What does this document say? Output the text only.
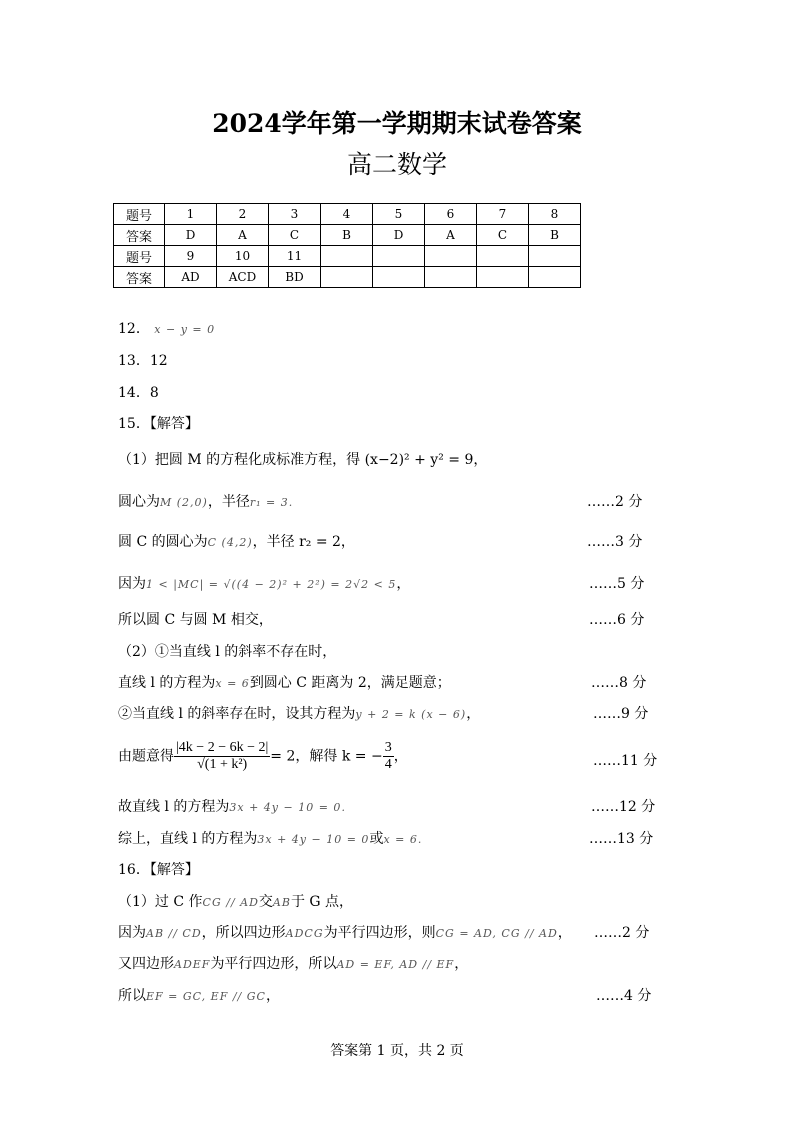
2024学年第一学期期末试卷答案
高二数学
题号	1	2	3	4	5	6	7	8
答案	D	A	C	B	D	A	C	B
题号	9	10	11					
答案	AD	ACD	BD					
12． x − y = 0
13．12
14．8
15．【解答】
（1）把圆 M 的方程化成标准方程，得 (x−2)² + y² = 9，
圆心为M (2,0)，半径r₁ = 3.	……2 分
圆 C 的圆心为C (4,2)，半径 r₂ = 2，	……3 分
因为1 < |MC| = √((4 − 2)² + 2²) = 2√2 < 5，	……5 分
所以圆 C 与圆 M 相交，	……6 分
（2）①当直线 l 的斜率不存在时，
直线 l 的方程为x = 6到圆心 C 距离为 2，满足题意；	……8 分
②当直线 l 的斜率存在时，设其方程为y + 2 = k (x − 6)，	……9 分
由题意得 $\frac{|4k - 2 - 6k - 2|}{\text{√(1 + k²)}} = 2$，解得 k = − $\frac{3}{4}$ ，	……11 分
故直线 l 的方程为3x + 4y − 10 = 0.	……12 分
综上，直线 l 的方程为3x + 4y − 10 = 0或x = 6.	……13 分
16．【解答】
（1）过 C 作CG // AD交AB于 G 点，
因为AB // CD，所以四边形ADCG为平行四边形，则CG = AD, CG // AD， ……2 分
又四边形ADEF为平行四边形，所以AD = EF, AD // EF，
所以EF = GC, EF // GC，	……4 分
答案第 1 页，共 2 页
